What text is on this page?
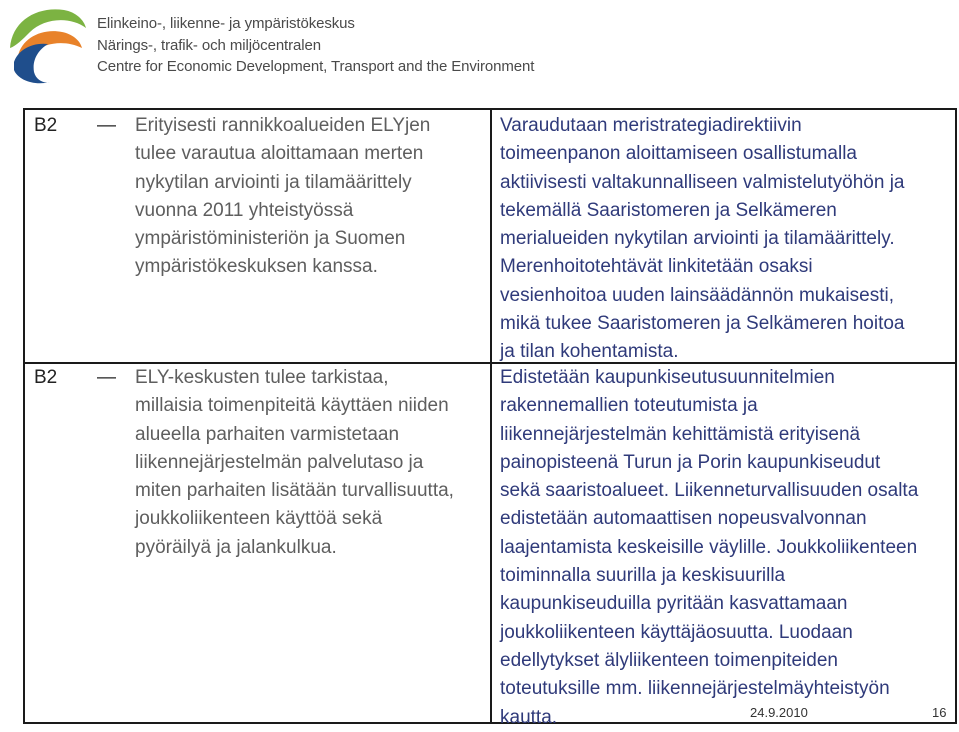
Elinkeino-, liikenne- ja ympäristökeskus
Närings-, trafik- och miljöcentralen
Centre for Economic Development, Transport and the Environment
B2 — Erityisesti rannikkoalueiden ELYjen
tulee varautua aloittamaan merten
nykytilan arviointi ja tilamäärittely
vuonna 2011 yhteistyössä
ympäristöministeriön ja Suomen
ympäristökeskuksen kanssa.
Varaudutaan meristrategiadirektiivin
toimeenpanon aloittamiseen osallistumalla
aktiivisesti valtakunnalliseen valmistelutyöhön ja
tekemällä Saaristomeren ja Selkämeren
merialueiden nykytilan arviointi ja tilamäärittely.
Merenhoitotehtävät linkitetään osaksi
vesienhoitoa uuden lainsäädännön mukaisesti,
mikä tukee Saaristomeren ja Selkämeren hoitoa
ja tilan kohentamista.
B2 — ELY-keskusten tulee tarkistaa,
millaisia toimenpiteitä käyttäen niiden
alueella parhaiten varmistetaan
liikennejärjestelmän palvelutaso ja
miten parhaiten lisätään turvallisuutta,
joukkoliikenteen käyttöä sekä
pyöräilyä ja jalankulkua.
Edistetään kaupunkiseutusuunnitelmien
rakennemallien toteutumista ja
liikennejärjestelmän kehittämistä erityisenä
painopisteenä Turun ja Porin kaupunkiseudut
sekä saaristoalueet. Liikenneturvallisuuden osalta
edistetään automaattisen nopeusvalvonnan
laajentamista keskeisille väylille. Joukkoliikenteen
toiminnalla suurilla ja keskisuurilla
kaupunkiseuduilla pyritään kasvattamaan
joukkoliikenteen käyttäjäosuutta. Luodaan
edellytykset älyliikenteen toimenpiteiden
toteutuksille mm. liikennejärjestelmäyhteistyön
kautta.	24.9.2010	16
